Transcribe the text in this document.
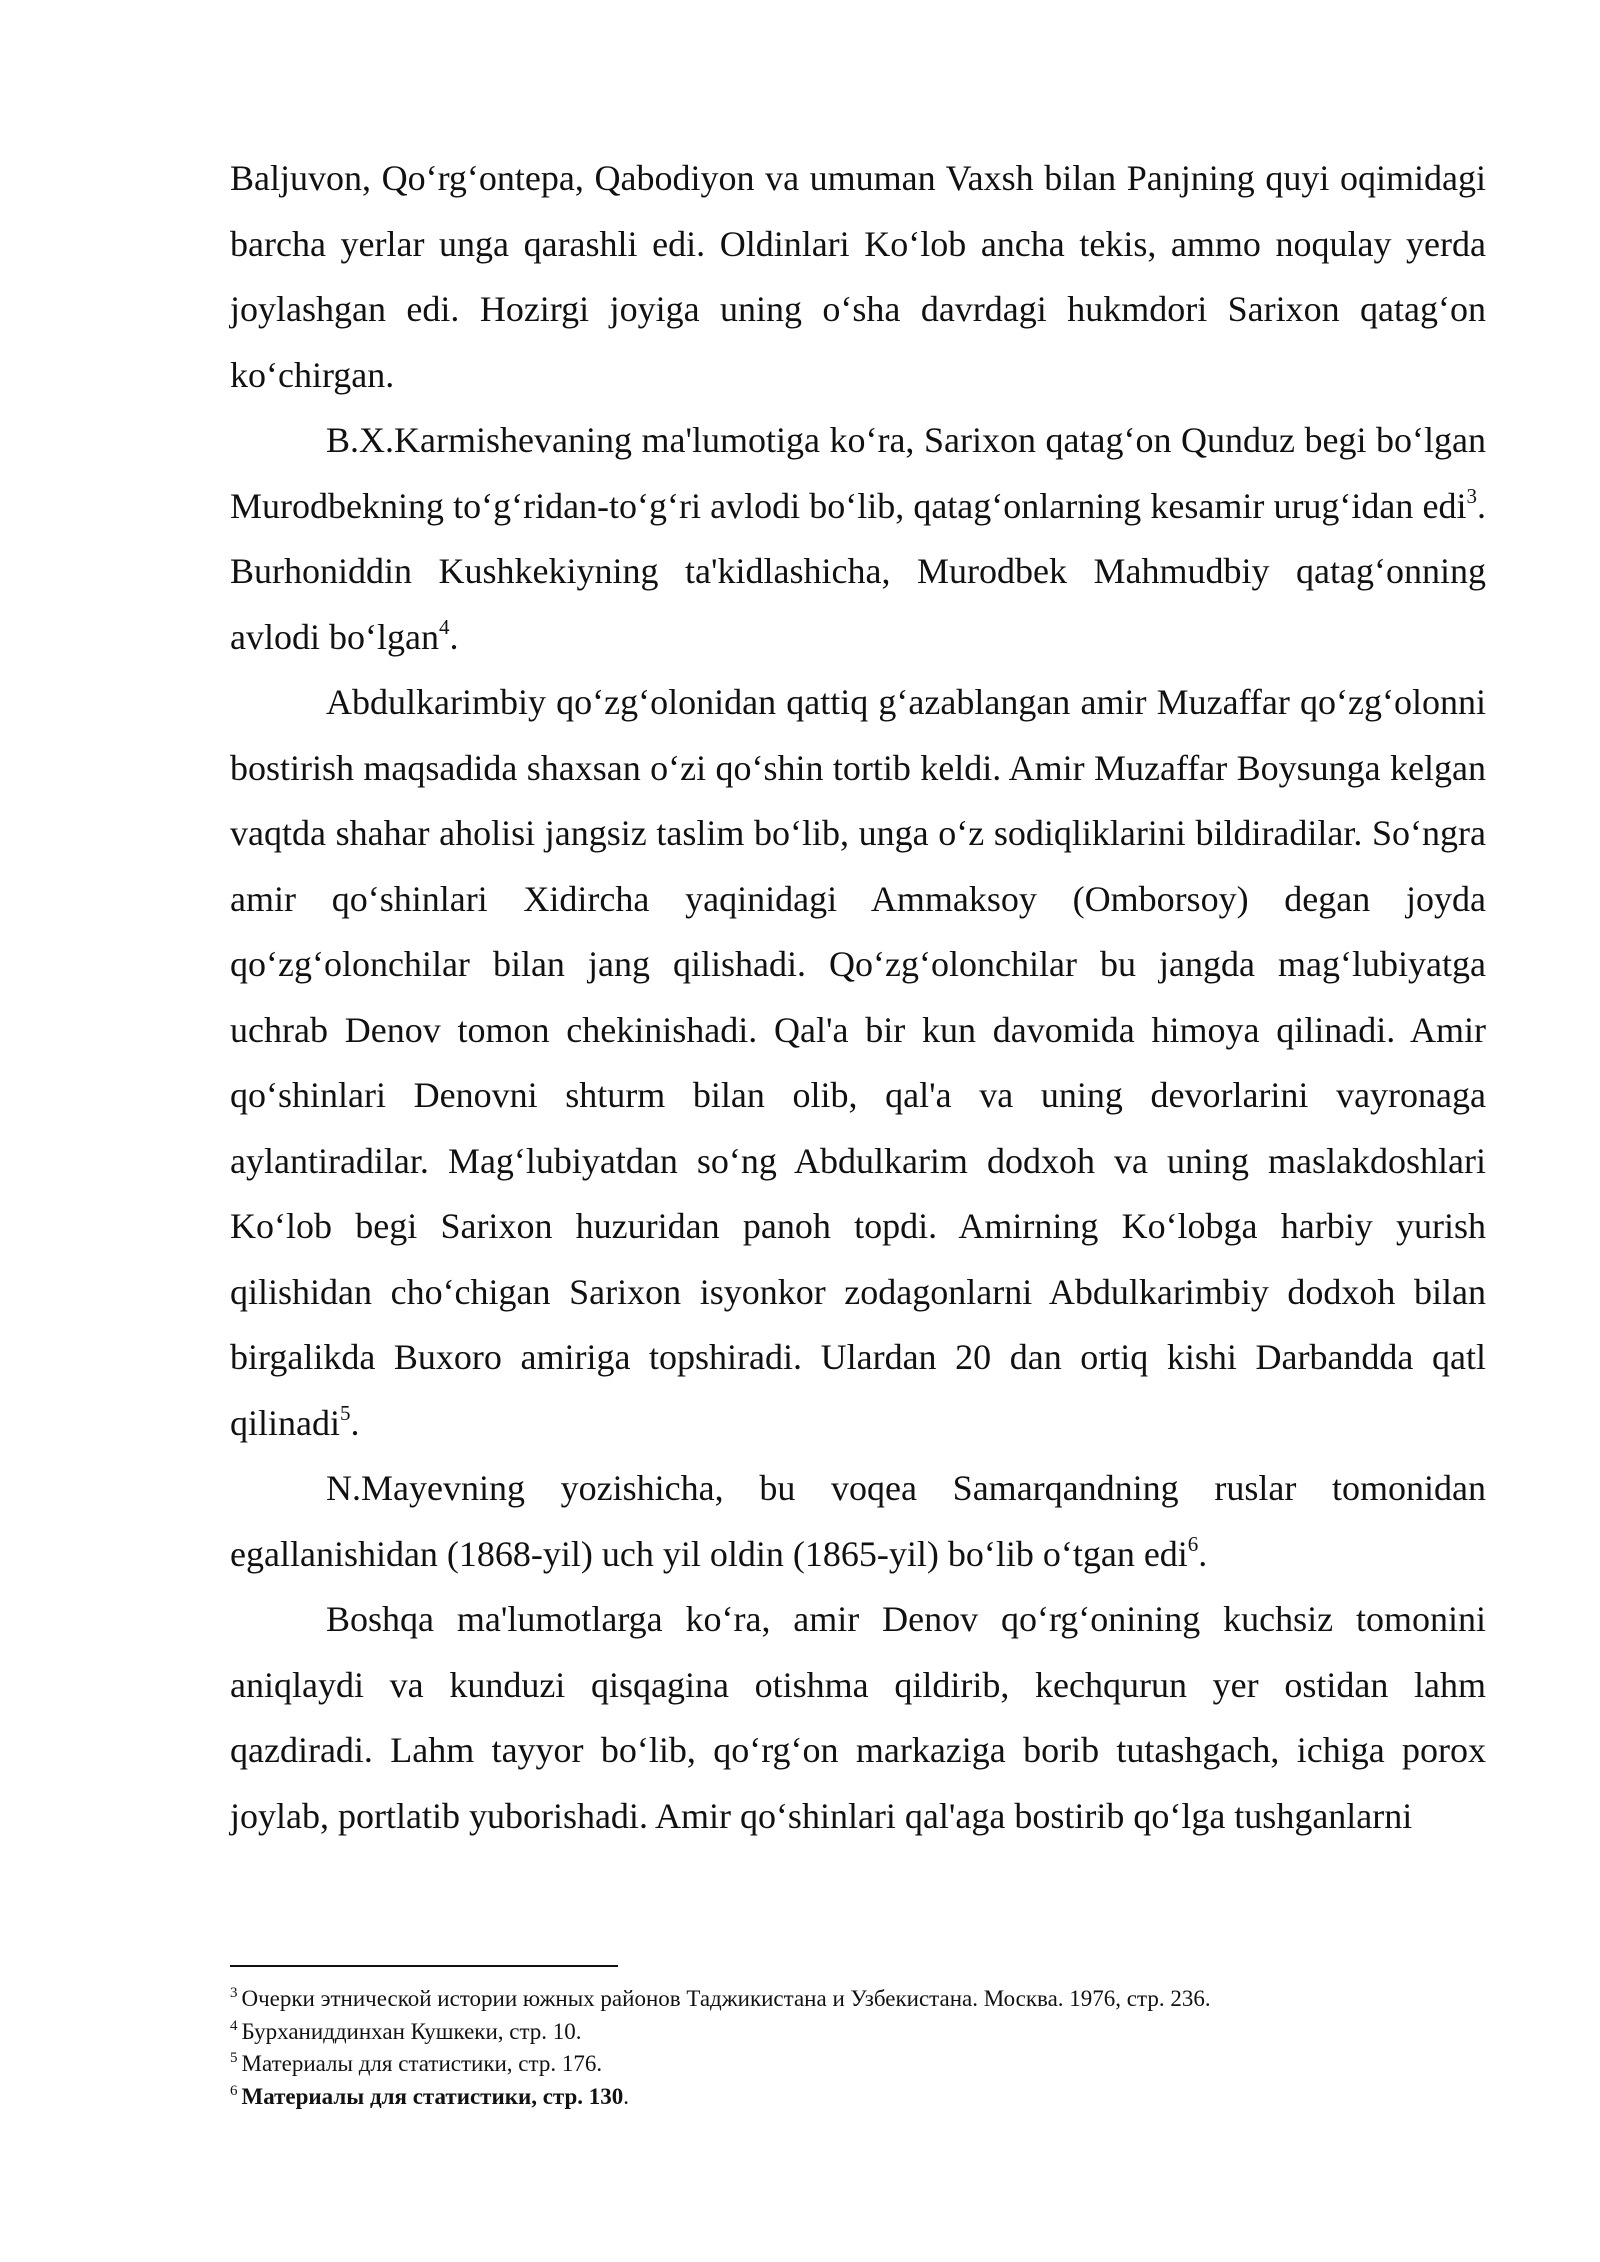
Baljuvon, Qo‘rg‘ontepa, Qabodiyon va umuman Vaxsh bilan Panjning quyi oqimidagi barcha yerlar unga qarashli edi. Oldinlari Ko‘lob ancha tekis, ammo noqulay yerda joylashgan edi. Hozirgi joyiga uning o‘sha davrdagi hukmdori Sarixon qatag‘on ko‘chirgan.

B.X.Karmishevaning ma'lumotiga ko‘ra, Sarixon qatag‘on Qunduz begi bo‘lgan Murodbekning to‘g‘ridan-to‘g‘ri avlodi bo‘lib, qatag‘onlarning kesamir urug‘idan edi$^3$. Burhoniddin Kushkekiyning ta'kidlashicha, Murodbek Mahmudbiy qatag‘onning avlodi bo‘lgan$^4$.

Abdulkarimbiy qo‘zg‘olonidan qattiq g‘azablangan amir Muzaffar qo‘zg‘olonni bostirish maqsadida shaxsan o‘zi qo‘shin tortib keldi. Amir Muzaffar Boysunga kelgan vaqtda shahar aholisi jangsiz taslim bo‘lib, unga o‘z sodiqliklarini bildiradilar. So‘ngra amir qo‘shinlari Xidircha yaqinidagi Ammaksoy (Omborsoy) degan joyda qo‘zg‘olonchilar bilan jang qilishadi. Qo‘zg‘olonchilar bu jangda mag‘lubiyatga uchrab Denov tomon chekinishadi. Qal'a bir kun davomida himoya qilinadi. Amir qo‘shinlari Denovni shturm bilan olib, qal'a va uning devorlarini vayronaga aylantiradilar. Mag‘lubiyatdan so‘ng Abdulkarim dodxoh va uning maslakdoshlari Ko‘lob begi Sarixon huzuridan panoh topdi. Amirning Ko‘lobga harbiy yurish qilishidan cho‘chigan Sarixon isyonkor zodagonlarni Abdulkarimbiy dodxoh bilan birgalikda Buxoro amiriga topshiradi. Ulardan 20 dan ortiq kishi Darbandda qatl qilinadi$^5$.

N.Mayevning yozishicha, bu voqea Samarqandning ruslar tomonidan egallanishidan (1868-yil) uch yil oldin (1865-yil) bo‘lib o‘tgan edi$^6$.

Boshqa ma'lumotlarga ko‘ra, amir Denov qo‘rg‘onining kuchsiz tomonini aniqlaydi va kunduzi qisqagina otishma qildirib, kechqurun yer ostidan lahm qazdiradi. Lahm tayyor bo‘lib, qo‘rg‘on markaziga borib tutashgach, ichiga porox joylab, portlatib yuborishadi. Amir qo‘shinlari qal'aga bostirib qo‘lga tushganlarni

$^3$ Очерки этнической истории южных районов Таджикистана и Узбекистана. Москва. 1976, стр. 236.

$^4$ Бурханиддинхан Кушкеки, стр. 10.

$^5$ Материалы для статистики, стр. 176.

$^6$ Материалы для статистики, стр. 130.
